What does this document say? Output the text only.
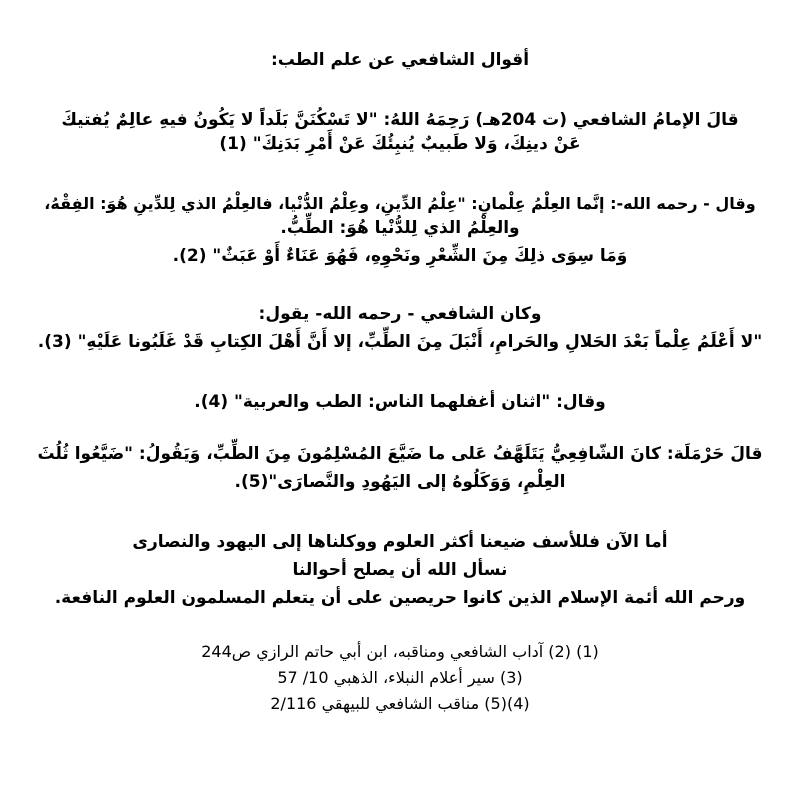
أقوال الشافعي عن علم الطب:
قالَ الإمامُ الشافعي (ت 204هـ) رَحِمَهُ اللهُ: "لا تَسْكُنَنَّ بَلَداً لا يَكُونُ فيهِ عالِمٌ يُفتيكَ
عَنْ دينِكَ، وَلا طَبيبٌ يُنبِئُكَ عَنْ أَمْرِ بَدَنِكَ" (1)
وقال - رحمه الله-: إنَّما العِلْمُ عِلْمانِ: "عِلْمُ الدِّينِ، وعِلْمُ الدُّنْيا، فالعِلْمُ الذي لِلدِّينِ هُوَ: الفِقْهُ،
والعِلْمُ الذي لِلدُّنْيا هُوَ: الطِّبُّ.
وَمَا سِوَى ذلِكَ مِنَ الشِّعْرِ ونَحْوِهِ، فَهُوَ عَنَاءٌ أَوْ عَبَثٌ" (2).
وكان الشافعي - رحمه الله- يقول:
"لا أَعْلَمُ عِلْماً بَعْدَ الحَلالِ والحَرامِ، أَنْبَلَ مِنَ الطِّبِّ، إلا أَنَّ أَهْلَ الكِتابِ قَدْ غَلَبُونا عَلَيْهِ" (3).
وقال: "اثنان أغفلهما الناس: الطب والعربية" (4).
قالَ حَرْمَلَة: كانَ الشّافِعِيُّ يَتَلَهَّفُ عَلى ما ضَيَّعَ المُسْلِمُونَ مِنَ الطِّبِّ، وَيَقُولُ: "ضَيَّعُوا ثُلُثَ
العِلْمِ، وَوَكَلُوهُ إلى اليَهُودِ والنَّصارَى"(5).
أما الآن فللأسف ضيعنا أكثر العلوم ووكلناها إلى اليهود والنصارى
نسأل الله أن يصلح أحوالنا
ورحم الله أئمة الإسلام الذين كانوا حريصين على أن يتعلم المسلمون العلوم النافعة.
(1) (2) آداب الشافعي ومناقبه، ابن أبي حاتم الرازي ص244
(3) سير أعلام النبلاء، الذهبي 10/ 57
(4)(5) مناقب الشافعي للبيهقي 2/116
